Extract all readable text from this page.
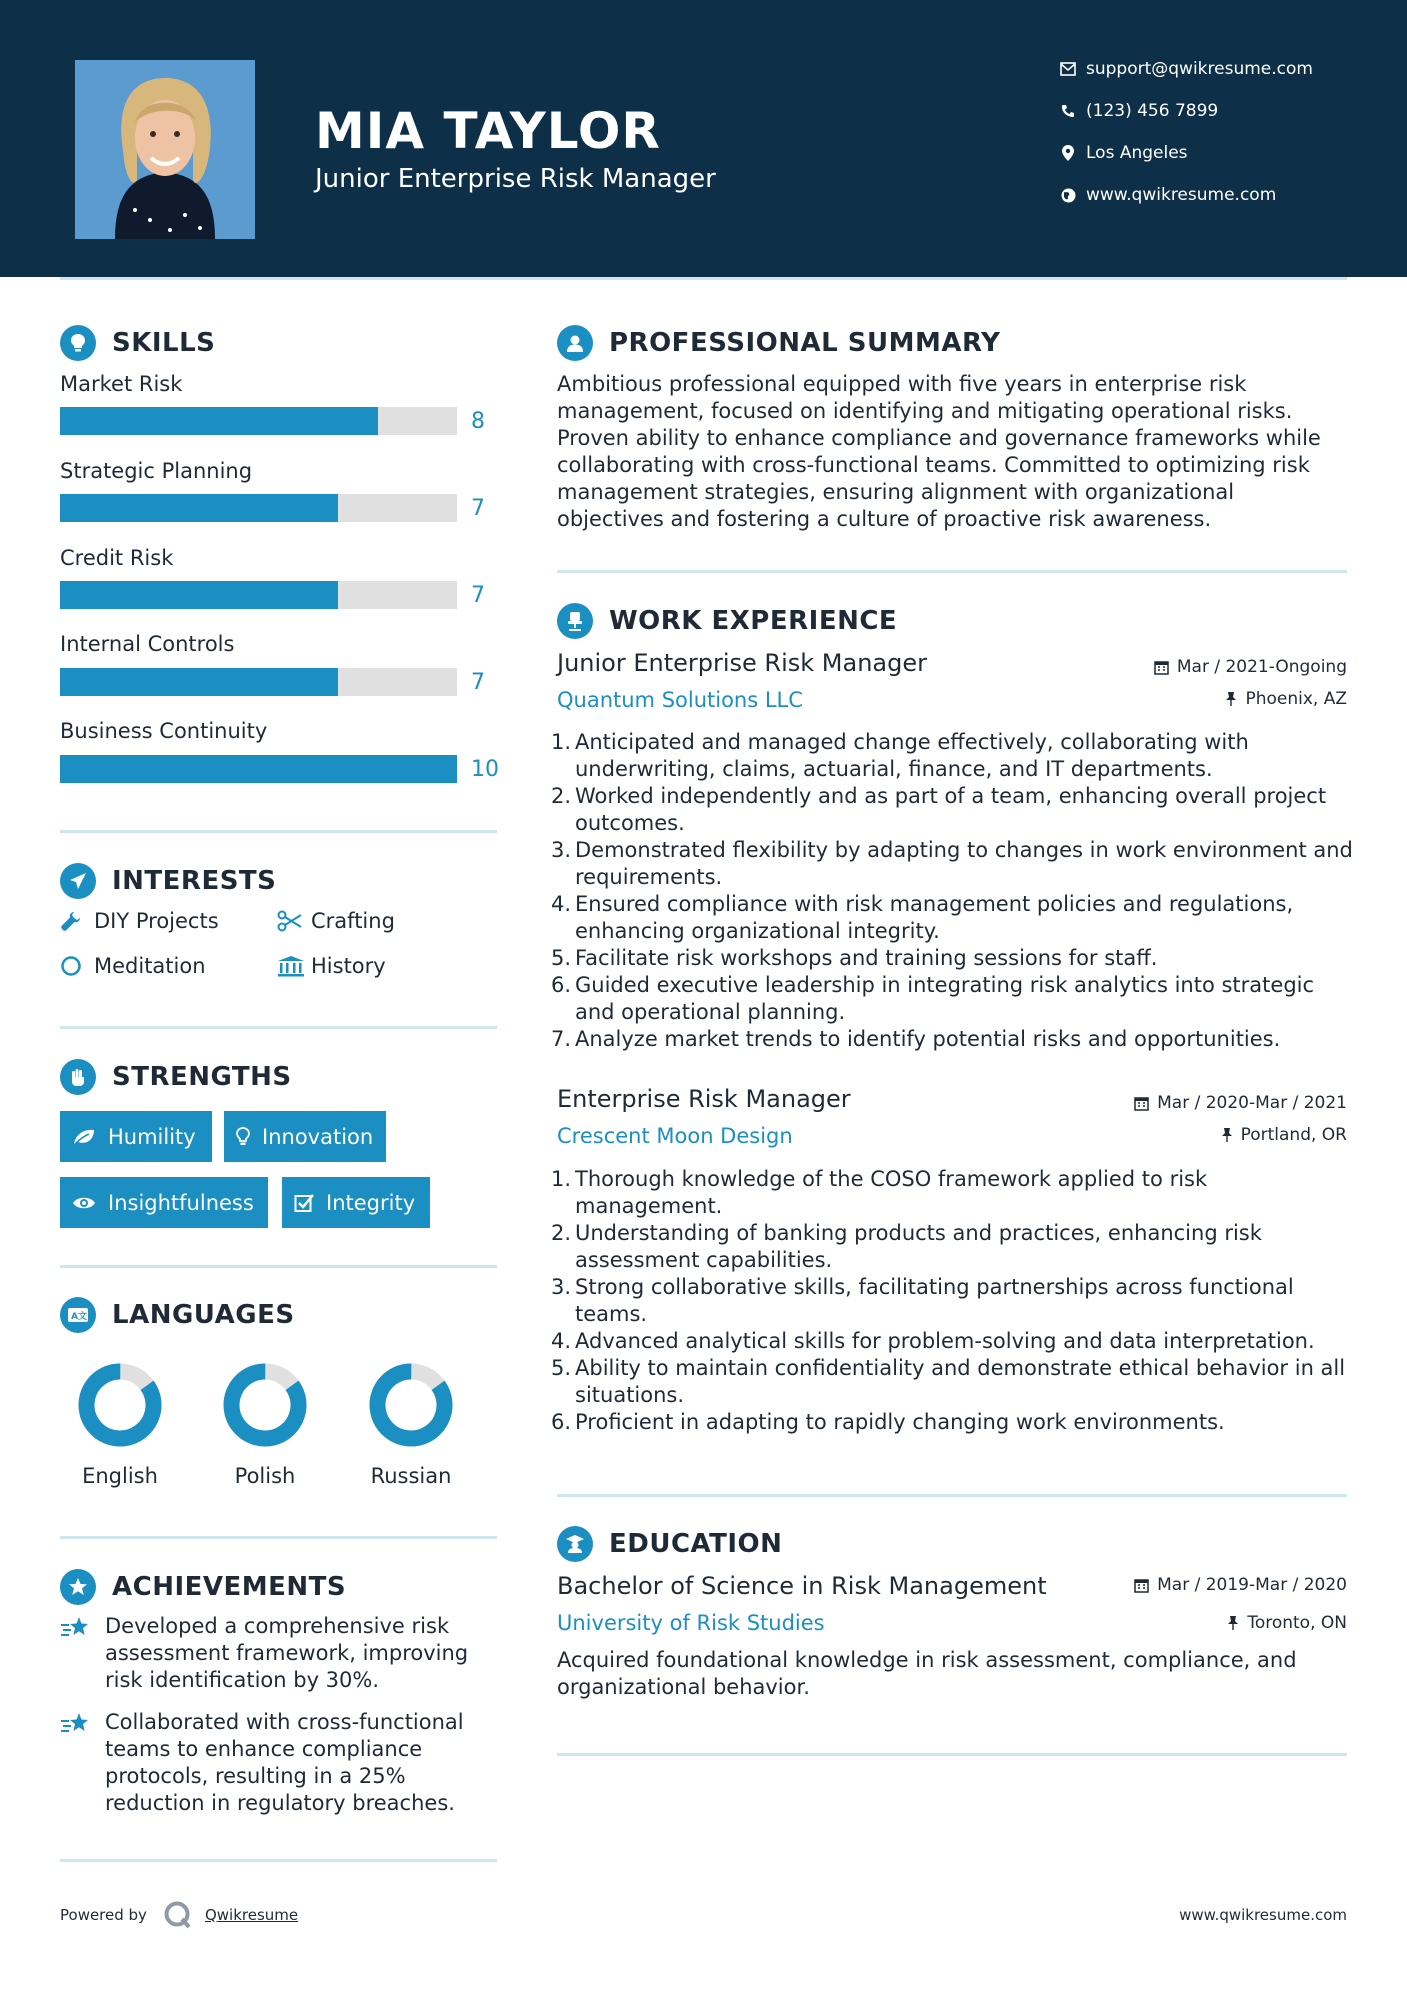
MIA TAYLOR
Junior Enterprise Risk Manager
support@qwikresume.com
(123) 456 7899
Los Angeles
www.qwikresume.com
SKILLS
Market Risk
8
Strategic Planning
7
Credit Risk
7
Internal Controls
7
Business Continuity
10
INTERESTS
DIY Projects	Crafting
Meditation	History
STRENGTHS
Humility	Innovation
Insightfulness	Integrity
A文 LANGUAGES
English	Polish	Russian
ACHIEVEMENTS
Developed a comprehensive risk assessment framework, improving risk identification by 30%.
Collaborated with cross-functional teams to enhance compliance protocols, resulting in a 25% reduction in regulatory breaches.
PROFESSIONAL SUMMARY
Ambitious professional equipped with five years in enterprise risk management, focused on identifying and mitigating operational risks. Proven ability to enhance compliance and governance frameworks while collaborating with cross-functional teams. Committed to optimizing risk management strategies, ensuring alignment with organizational objectives and fostering a culture of proactive risk awareness.
WORK EXPERIENCE
Junior Enterprise Risk Manager	Mar / 2021-Ongoing
Quantum Solutions LLC	Phoenix, AZ
Anticipated and managed change effectively, collaborating with underwriting, claims, actuarial, finance, and IT departments.
Worked independently and as part of a team, enhancing overall project outcomes.
Demonstrated flexibility by adapting to changes in work environment and requirements.
Ensured compliance with risk management policies and regulations, enhancing organizational integrity.
Facilitate risk workshops and training sessions for staff.
Guided executive leadership in integrating risk analytics into strategic and operational planning.
Analyze market trends to identify potential risks and opportunities.
Enterprise Risk Manager	Mar / 2020-Mar / 2021
Crescent Moon Design	Portland, OR
Thorough knowledge of the COSO framework applied to risk management.
Understanding of banking products and practices, enhancing risk assessment capabilities.
Strong collaborative skills, facilitating partnerships across functional teams.
Advanced analytical skills for problem-solving and data interpretation.
Ability to maintain confidentiality and demonstrate ethical behavior in all situations.
Proficient in adapting to rapidly changing work environments.
EDUCATION
Bachelor of Science in Risk Management	Mar / 2019-Mar / 2020
University of Risk Studies	Toronto, ON
Acquired foundational knowledge in risk assessment, compliance, and organizational behavior.
Powered by	Qwikresume	www.qwikresume.com
